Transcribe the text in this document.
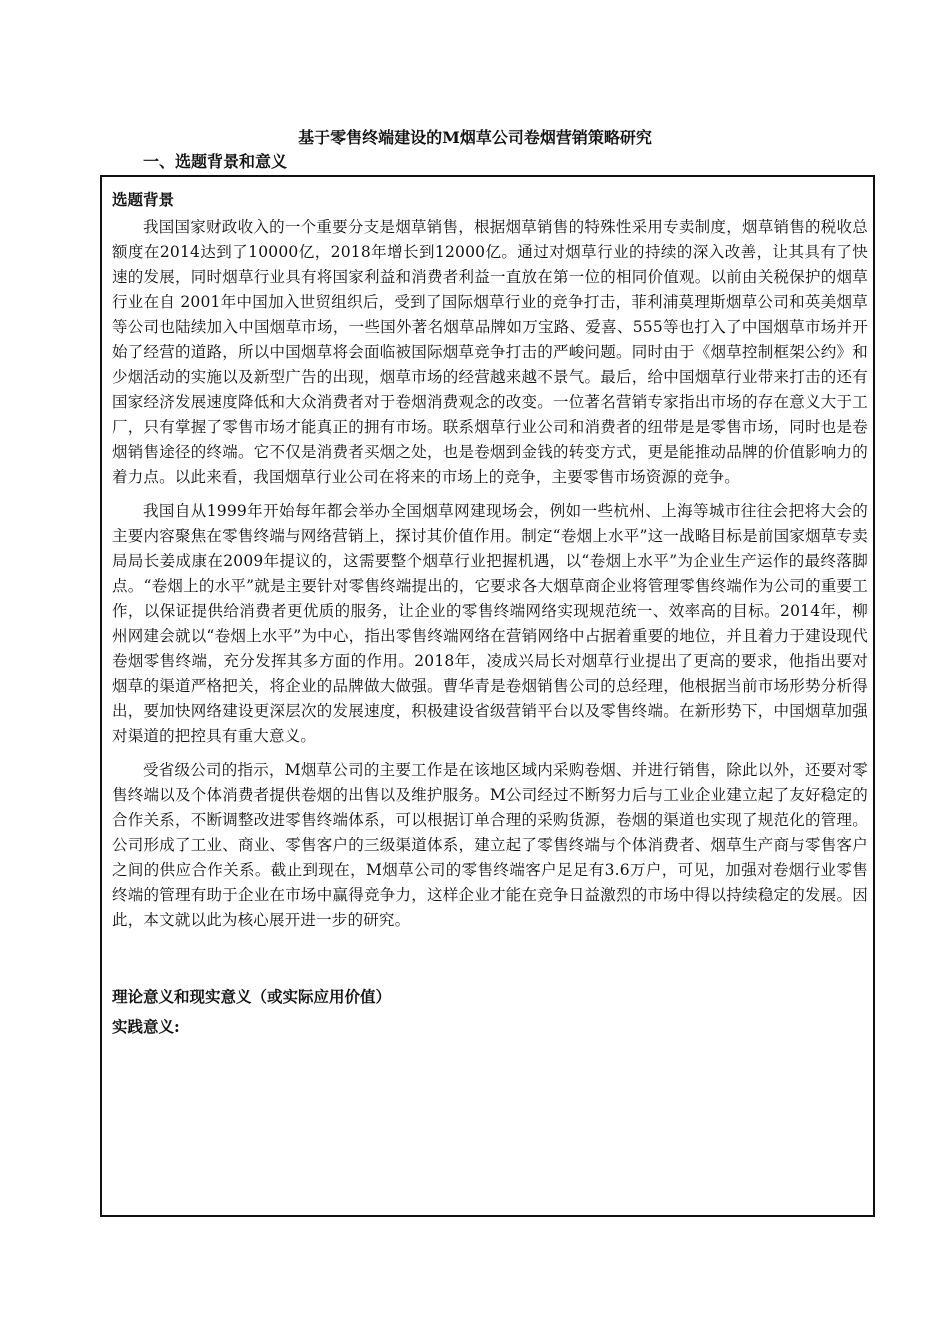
基于零售终端建设的M烟草公司卷烟营销策略研究
一、选题背景和意义

选题背景

我国国家财政收入的一个重要分支是烟草销售，根据烟草销售的特殊性采用专卖制度，烟草销售的税收总额度在2014达到了10000亿，2018年增长到12000亿。通过对烟草行业的持续的深入改善，让其具有了快速的发展，同时烟草行业具有将国家利益和消费者利益一直放在第一位的相同价值观。以前由关税保护的烟草行业在自 2001年中国加入世贸组织后，受到了国际烟草行业的竞争打击，菲利浦莫理斯烟草公司和英美烟草等公司也陆续加入中国烟草市场，一些国外著名烟草品牌如万宝路、爱喜、555等也打入了中国烟草市场并开始了经营的道路，所以中国烟草将会面临被国际烟草竞争打击的严峻问题。同时由于《烟草控制框架公约》和少烟活动的实施以及新型广告的出现，烟草市场的经营越来越不景气。最后，给中国烟草行业带来打击的还有国家经济发展速度降低和大众消费者对于卷烟消费观念的改变。一位著名营销专家指出市场的存在意义大于工厂，只有掌握了零售市场才能真正的拥有市场。联系烟草行业公司和消费者的纽带是是零售市场，同时也是卷烟销售途径的终端。它不仅是消费者买烟之处，也是卷烟到金钱的转变方式，更是能推动品牌的价值影响力的着力点。以此来看，我国烟草行业公司在将来的市场上的竞争，主要零售市场资源的竞争。

我国自从1999年开始每年都会举办全国烟草网建现场会，例如一些杭州、上海等城市往往会把将大会的主要内容聚焦在零售终端与网络营销上，探讨其价值作用。制定“卷烟上水平”这一战略目标是前国家烟草专卖局局长姜成康在2009年提议的，这需要整个烟草行业把握机遇，以“卷烟上水平”为企业生产运作的最终落脚点。“卷烟上的水平”就是主要针对零售终端提出的，它要求各大烟草商企业将管理零售终端作为公司的重要工作，以保证提供给消费者更优质的服务，让企业的零售终端网络实现规范统一、效率高的目标。2014年，柳州网建会就以“卷烟上水平”为中心，指出零售终端网络在营销网络中占据着重要的地位，并且着力于建设现代卷烟零售终端，充分发挥其多方面的作用。2018年，凌成兴局长对烟草行业提出了更高的要求，他指出要对烟草的渠道严格把关，将企业的品牌做大做强。曹华青是卷烟销售公司的总经理，他根据当前市场形势分析得出，要加快网络建设更深层次的发展速度，积极建设省级营销平台以及零售终端。在新形势下，中国烟草加强对渠道的把控具有重大意义。

受省级公司的指示，M烟草公司的主要工作是在该地区域内采购卷烟、并进行销售，除此以外，还要对零售终端以及个体消费者提供卷烟的出售以及维护服务。M公司经过不断努力后与工业企业建立起了友好稳定的合作关系，不断调整改进零售终端体系，可以根据订单合理的采购货源，卷烟的渠道也实现了规范化的管理。公司形成了工业、商业、零售客户的三级渠道体系，建立起了零售终端与个体消费者、烟草生产商与零售客户之间的供应合作关系。截止到现在，M烟草公司的零售终端客户足足有3.6万户，可见，加强对卷烟行业零售终端的管理有助于企业在市场中赢得竞争力，这样企业才能在竞争日益激烈的市场中得以持续稳定的发展。因此，本文就以此为核心展开进一步的研究。

理论意义和现实意义（或实际应用价值）

实践意义:
